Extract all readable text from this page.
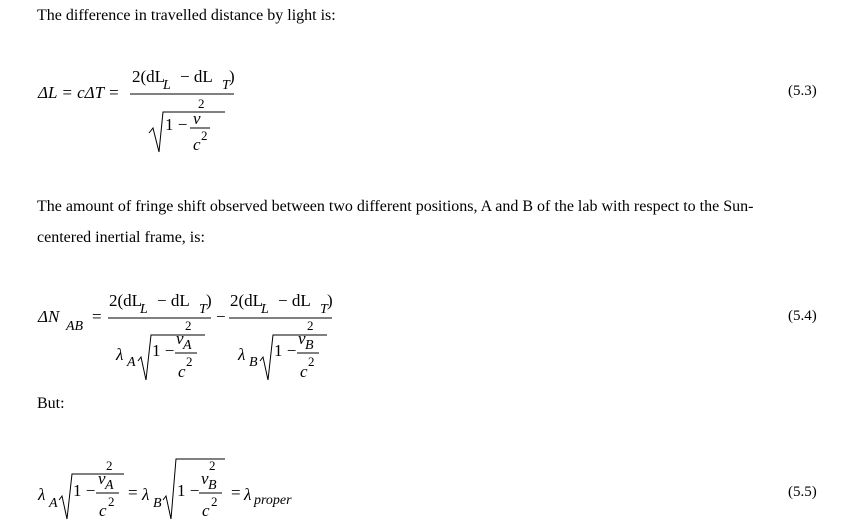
The difference in travelled distance by light is:
The amount of fringe shift observed between two different positions, A and B of the lab with respect to the Sun-
centered inertial frame, is:
But:
(5.3)
(5.4)
(5.5)
ΔL = cΔT =
2(dL
L − dL T )
1 −
2
v
2
c
ΔN
AB
=
2(dL
L − dL T )
λ A
1 −
2
v A
2
c
−
2(dL
L − dL T )
λ B
1 −
2
v B
2
c
λ A
1 −
2
v A
2
c
= λ B
1 −
2
v B
2
c
= λ proper
